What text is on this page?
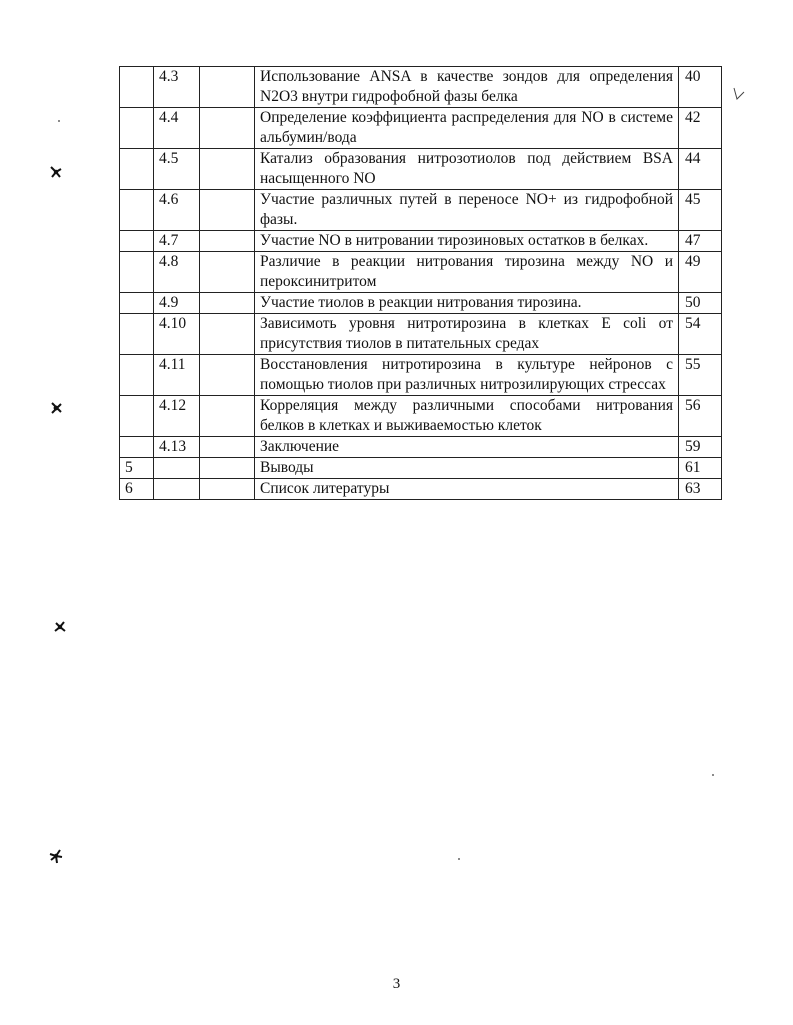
	4.3		Использование ANSA в качестве зондов для определения N2O3 внутри гидрофобной фазы белка	40
	4.4		Определение коэффициента распределения для NO в системе альбумин/вода	42
	4.5		Катализ образования нитрозотиолов под действием BSA насыщенного NO	44
	4.6		Участие различных путей в переносе NO+ из гидрофобной фазы.	45
	4.7		Участие NO в нитровании тирозиновых остатков в белках.	47
	4.8		Различие в реакции нитрования тирозина между NO и пероксинитритом	49
	4.9		Участие тиолов в реакции нитрования тирозина.	50
	4.10		Зависимоть уровня нитротирозина в клетках E coli от присутствия тиолов в питательных средах	54
	4.11		Восстановления нитротирозина в культуре нейронов с помощью тиолов при различных нитрозилирующих стрессах	55
	4.12		Корреляция между различными способами нитрования белков в клетках и выживаемостью клеток	56
	4.13		Заключение	59
5			Выводы	61
6			Список литературы	63
3
